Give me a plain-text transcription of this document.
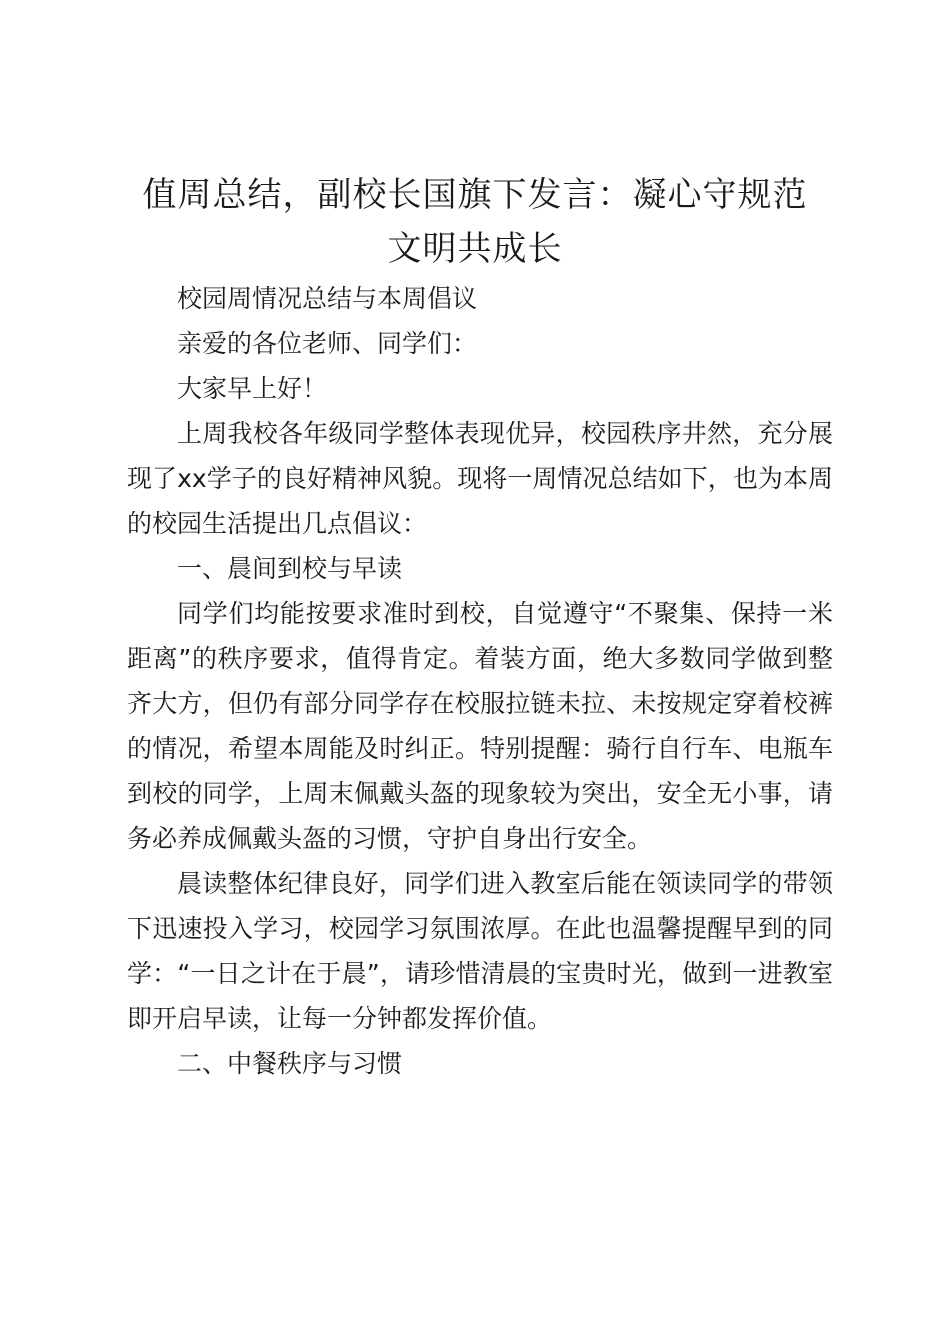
值周总结，副校长国旗下发言：凝心守规范
文明共成长

校园周情况总结与本周倡议

亲爱的各位老师、同学们：

大家早上好！

上周我校各年级同学整体表现优异，校园秩序井然，充分展现了xx学子的良好精神风貌。现将一周情况总结如下，也为本周的校园生活提出几点倡议：

一、晨间到校与早读

同学们均能按要求准时到校，自觉遵守“不聚集、保持一米距离”的秩序要求，值得肯定。着装方面，绝大多数同学做到整齐大方，但仍有部分同学存在校服拉链未拉、未按规定穿着校裤的情况，希望本周能及时纠正。特别提醒：骑行自行车、电瓶车到校的同学，上周末佩戴头盔的现象较为突出，安全无小事，请务必养成佩戴头盔的习惯，守护自身出行安全。

晨读整体纪律良好，同学们进入教室后能在领读同学的带领下迅速投入学习，校园学习氛围浓厚。在此也温馨提醒早到的同学：“一日之计在于晨”，请珍惜清晨的宝贵时光，做到一进教室即开启早读，让每一分钟都发挥价值。

二、中餐秩序与习惯
